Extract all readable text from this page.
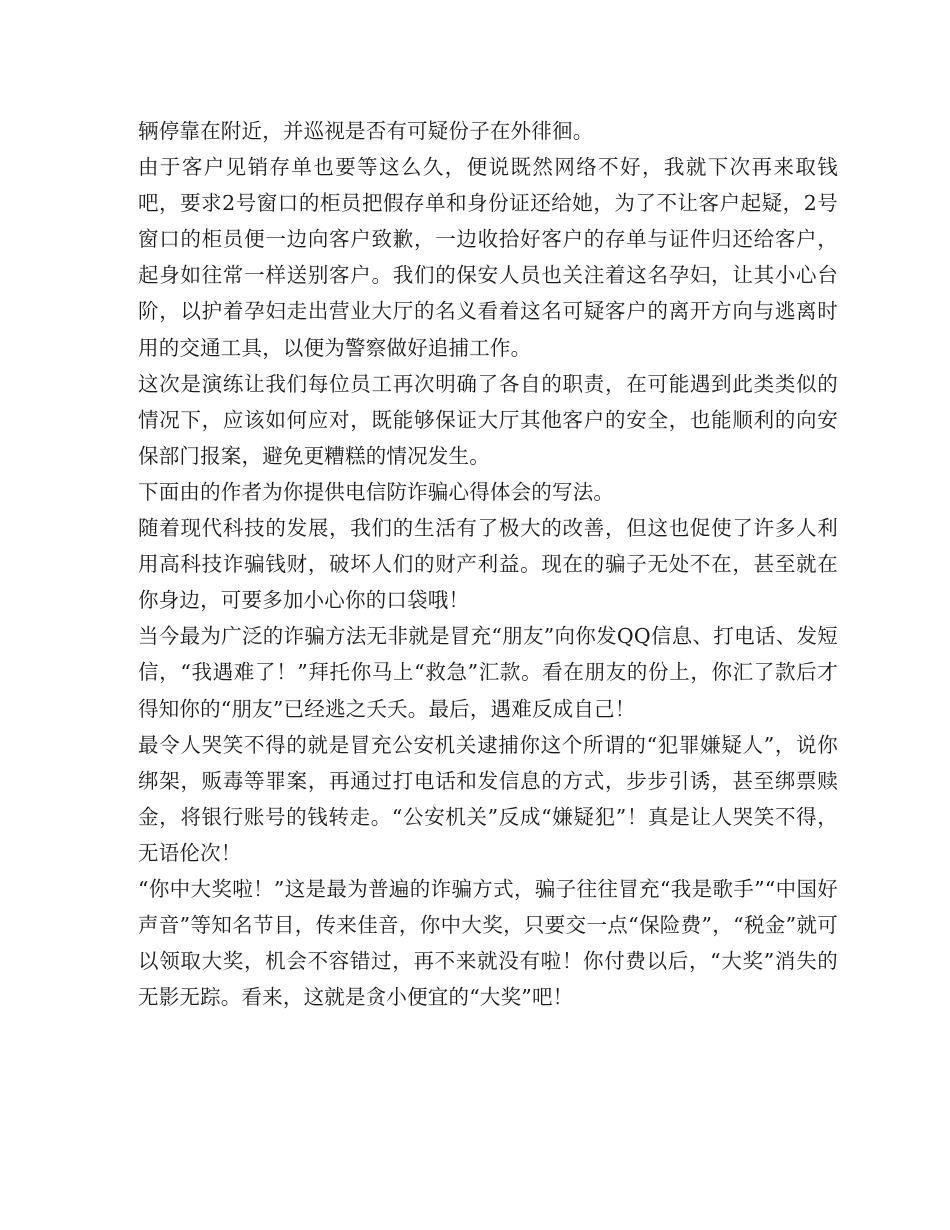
辆停靠在附近，并巡视是否有可疑份子在外徘徊。

由于客户见销存单也要等这么久，便说既然网络不好，我就下次再来取钱吧，要求2号窗口的柜员把假存单和身份证还给她，为了不让客户起疑，2号窗口的柜员便一边向客户致歉，一边收拾好客户的存单与证件归还给客户，起身如往常一样送别客户。我们的保安人员也关注着这名孕妇，让其小心台阶，以护着孕妇走出营业大厅的名义看着这名可疑客户的离开方向与逃离时用的交通工具，以便为警察做好追捕工作。

这次是演练让我们每位员工再次明确了各自的职责，在可能遇到此类类似的情况下，应该如何应对，既能够保证大厅其他客户的安全，也能顺利的向安保部门报案，避免更糟糕的情况发生。

下面由的作者为你提供电信防诈骗心得体会的写法。

随着现代科技的发展，我们的生活有了极大的改善，但这也促使了许多人利用高科技诈骗钱财，破坏人们的财产利益。现在的骗子无处不在，甚至就在你身边，可要多加小心你的口袋哦！

当今最为广泛的诈骗方法无非就是冒充“朋友”向你发QQ信息、打电话、发短信，“我遇难了！”拜托你马上“救急”汇款。看在朋友的份上，你汇了款后才得知你的“朋友”已经逃之夭夭。最后，遇难反成自己！

最令人哭笑不得的就是冒充公安机关逮捕你这个所谓的“犯罪嫌疑人”，说你绑架，贩毒等罪案，再通过打电话和发信息的方式，步步引诱，甚至绑票赎金，将银行账号的钱转走。“公安机关”反成“嫌疑犯”！真是让人哭笑不得，无语伦次！

“你中大奖啦！”这是最为普遍的诈骗方式，骗子往往冒充“我是歌手”“中国好声音”等知名节目，传来佳音，你中大奖，只要交一点“保险费”，“税金”就可以领取大奖，机会不容错过，再不来就没有啦！你付费以后，“大奖”消失的无影无踪。看来，这就是贪小便宜的“大奖”吧！
